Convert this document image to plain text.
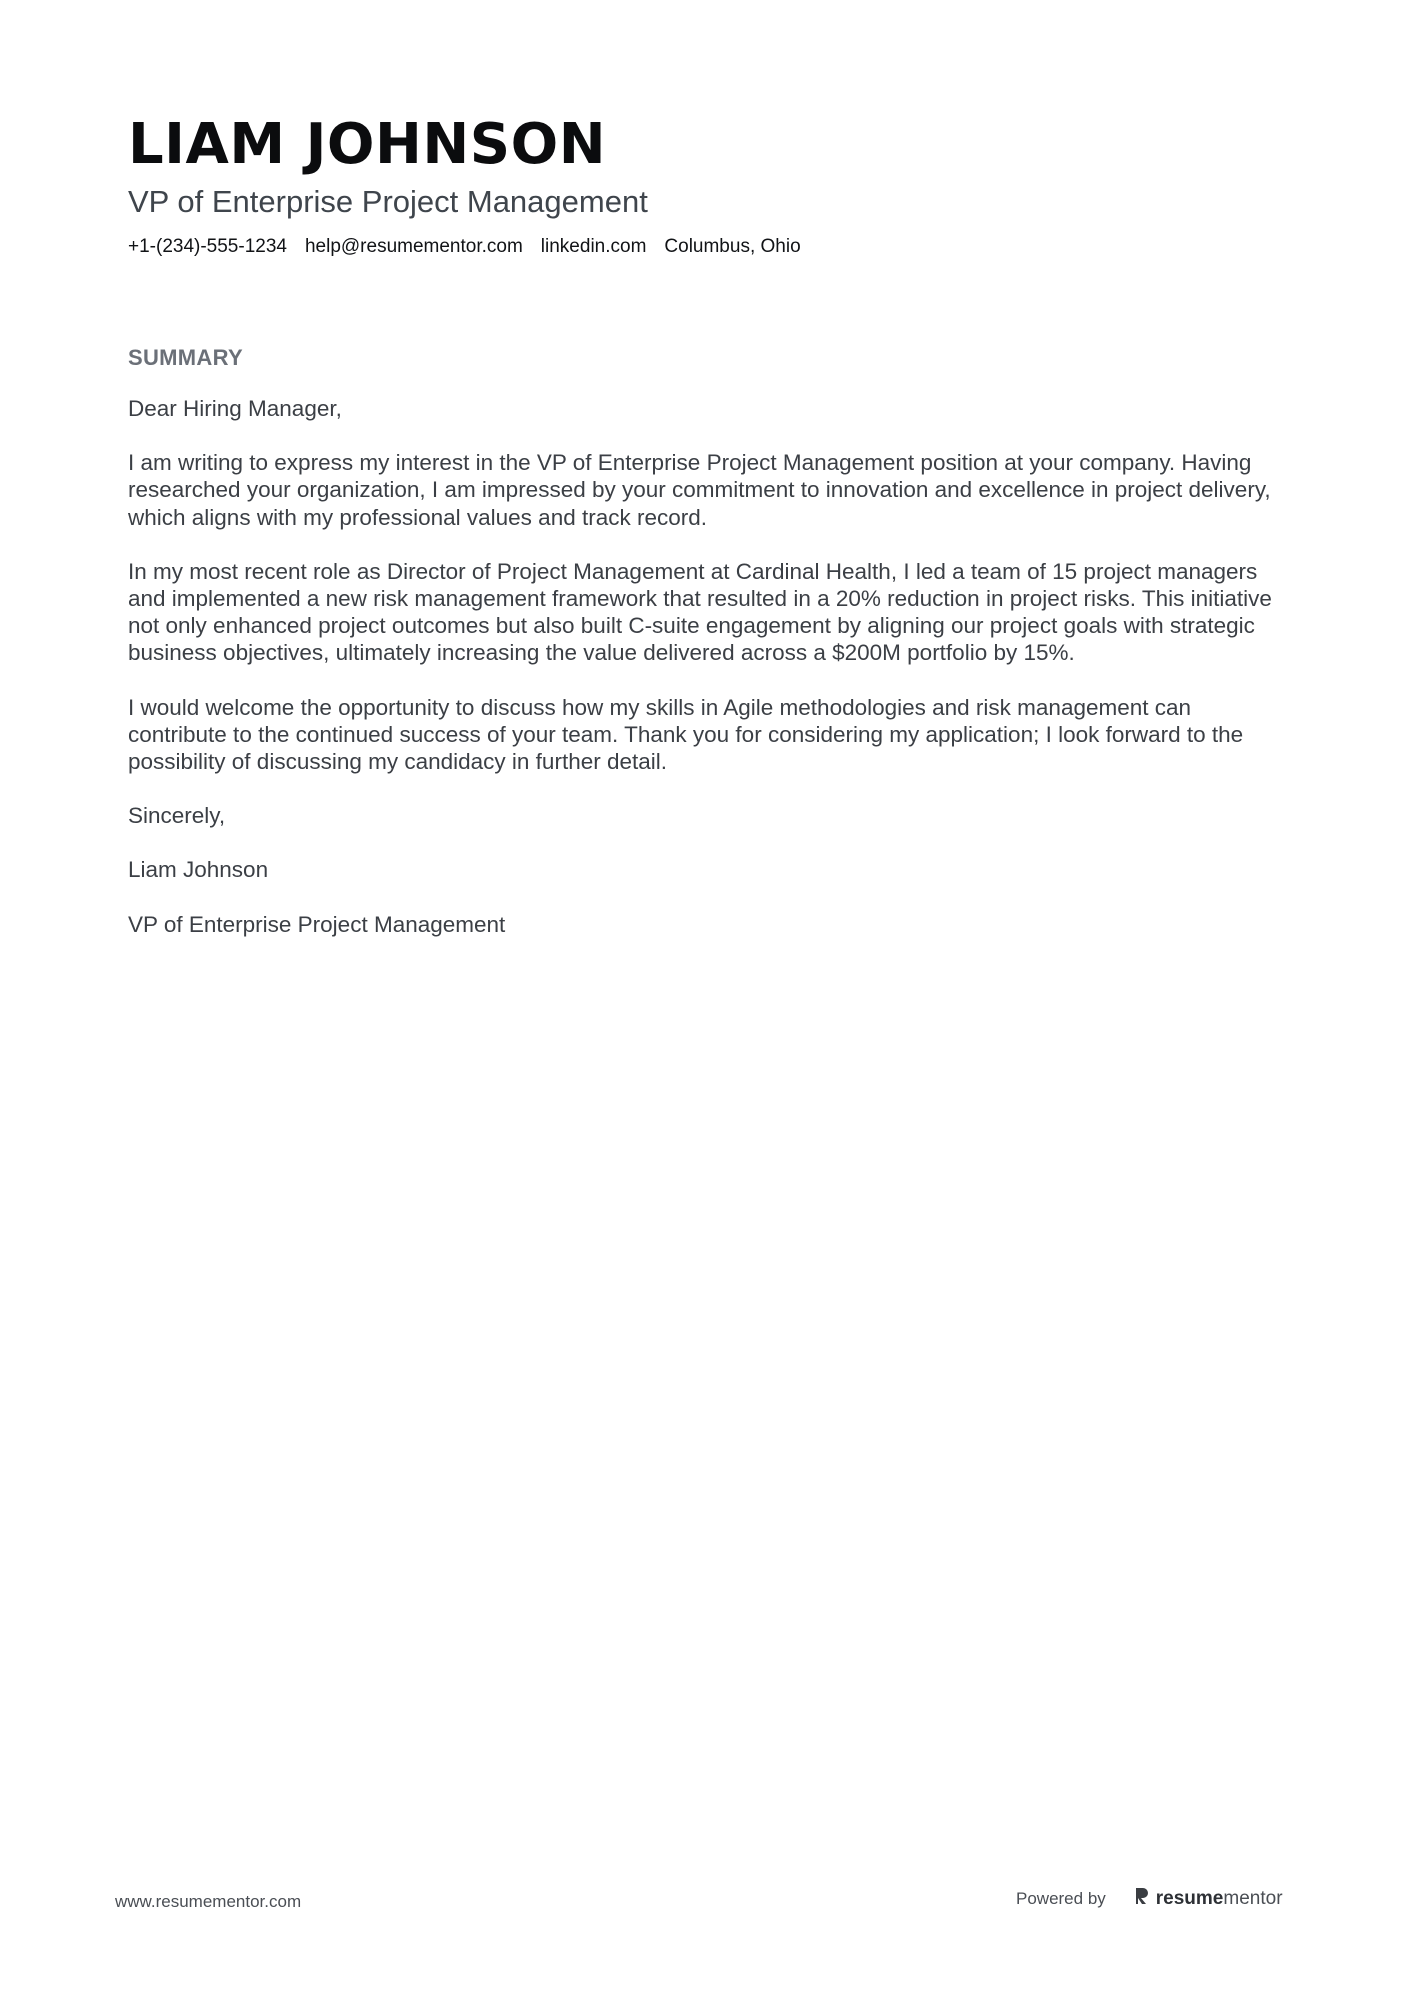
LIAM JOHNSON
VP of Enterprise Project Management
+1-(234)-555-1234 help@resumementor.com linkedin.com Columbus, Ohio
SUMMARY

Dear Hiring Manager,

I am writing to express my interest in the VP of Enterprise Project Management position at your company. Having researched your organization, I am impressed by your commitment to innovation and excellence in project delivery, which aligns with my professional values and track record.

In my most recent role as Director of Project Management at Cardinal Health, I led a team of 15 project managers and implemented a new risk management framework that resulted in a 20% reduction in project risks. This initiative not only enhanced project outcomes but also built C-suite engagement by aligning our project goals with strategic business objectives, ultimately increasing the value delivered across a $200M portfolio by 15%.

I would welcome the opportunity to discuss how my skills in Agile methodologies and risk management can contribute to the continued success of your team. Thank you for considering my application; I look forward to the possibility of discussing my candidacy in further detail.

Sincerely,

Liam Johnson

VP of Enterprise Project Management

www.resumementor.com	Powered by	resumementor
